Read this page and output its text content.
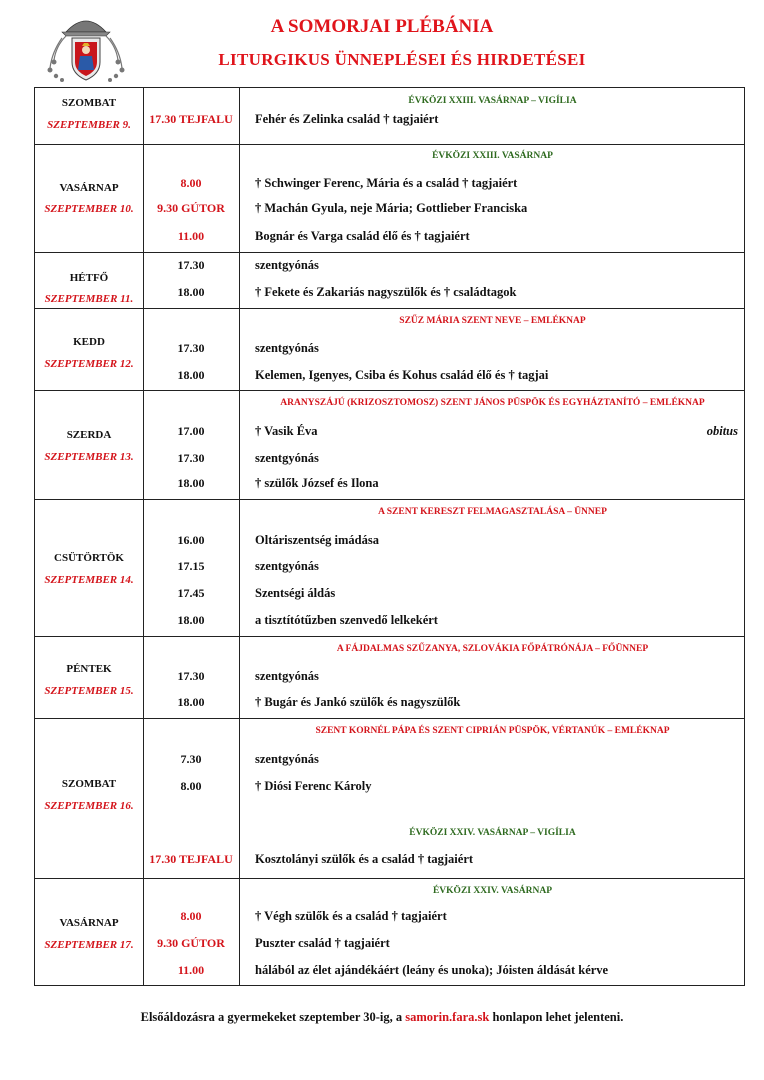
A SOMORJAI PLÉBÁNIA
LITURGIKUS ÜNNEPLÉSEI ÉS HIRDETÉSEI
SZOMBAT
SZEPTEMBER 9.
ÉVKÖZI XXIII. VASÁRNAP – VIGÍLIA
17.30 TEJFALU	Fehér és Zelinka család † tagjaiért
VASÁRNAP
SZEPTEMBER 10.
ÉVKÖZI XXIII. VASÁRNAP
8.00	† Schwinger Ferenc, Mária és a család † tagjaiért
9.30 GÚTOR	† Machán Gyula, neje Mária; Gottlieber Franciska
11.00	Bognár és Varga család élő és † tagjaiért
HÉTFŐ
SZEPTEMBER 11.
17.30	szentgyónás
18.00	† Fekete és Zakariás nagyszülők és † családtagok
KEDD
SZEPTEMBER 12.
SZŰZ MÁRIA SZENT NEVE – EMLÉKNAP
17.30	szentgyónás
18.00	Kelemen, Igenyes, Csiba és Kohus család élő és † tagjai
SZERDA
SZEPTEMBER 13.
ARANYSZÁJÚ (KRIZOSZTOMOSZ) SZENT JÁNOS PÜSPÖK ÉS EGYHÁZTANÍTÓ – EMLÉKNAP
17.00	† Vasik Éva	obitus
17.30	szentgyónás
18.00	† szülők József és Ilona
CSÜTÖRTÖK
SZEPTEMBER 14.
A SZENT KERESZT FELMAGASZTALÁSA – ÜNNEP
16.00	Oltáriszentség imádása
17.15	szentgyónás
17.45	Szentségi áldás
18.00	a tisztítótűzben szenvedő lelkekért
PÉNTEK
SZEPTEMBER 15.
A FÁJDALMAS SZŰZANYA, SZLOVÁKIA FŐPÁTRÓNÁJA – FŐÜNNEP
17.30	szentgyónás
18.00	† Bugár és Jankó szülők és nagyszülők
SZOMBAT
SZEPTEMBER 16.
SZENT KORNÉL PÁPA ÉS SZENT CIPRIÁN PÜSPÖK, VÉRTANÚK – EMLÉKNAP
ÉVKÖZI XXIV. VASÁRNAP – VIGÍLIA
7.30	szentgyónás
8.00	† Diósi Ferenc Károly
17.30 TEJFALU	Kosztolányi szülők és a család † tagjaiért
VASÁRNAP
SZEPTEMBER 17.
ÉVKÖZI XXIV. VASÁRNAP
8.00	† Végh szülők és a család † tagjaiért
9.30 GÚTOR	Puszter család † tagjaiért
11.00	hálából az élet ajándékáért (leány és unoka); Jóisten áldását kérve
Elsőáldozásra a gyermekeket szeptember 30-ig, a samorin.fara.sk honlapon lehet jelenteni.
